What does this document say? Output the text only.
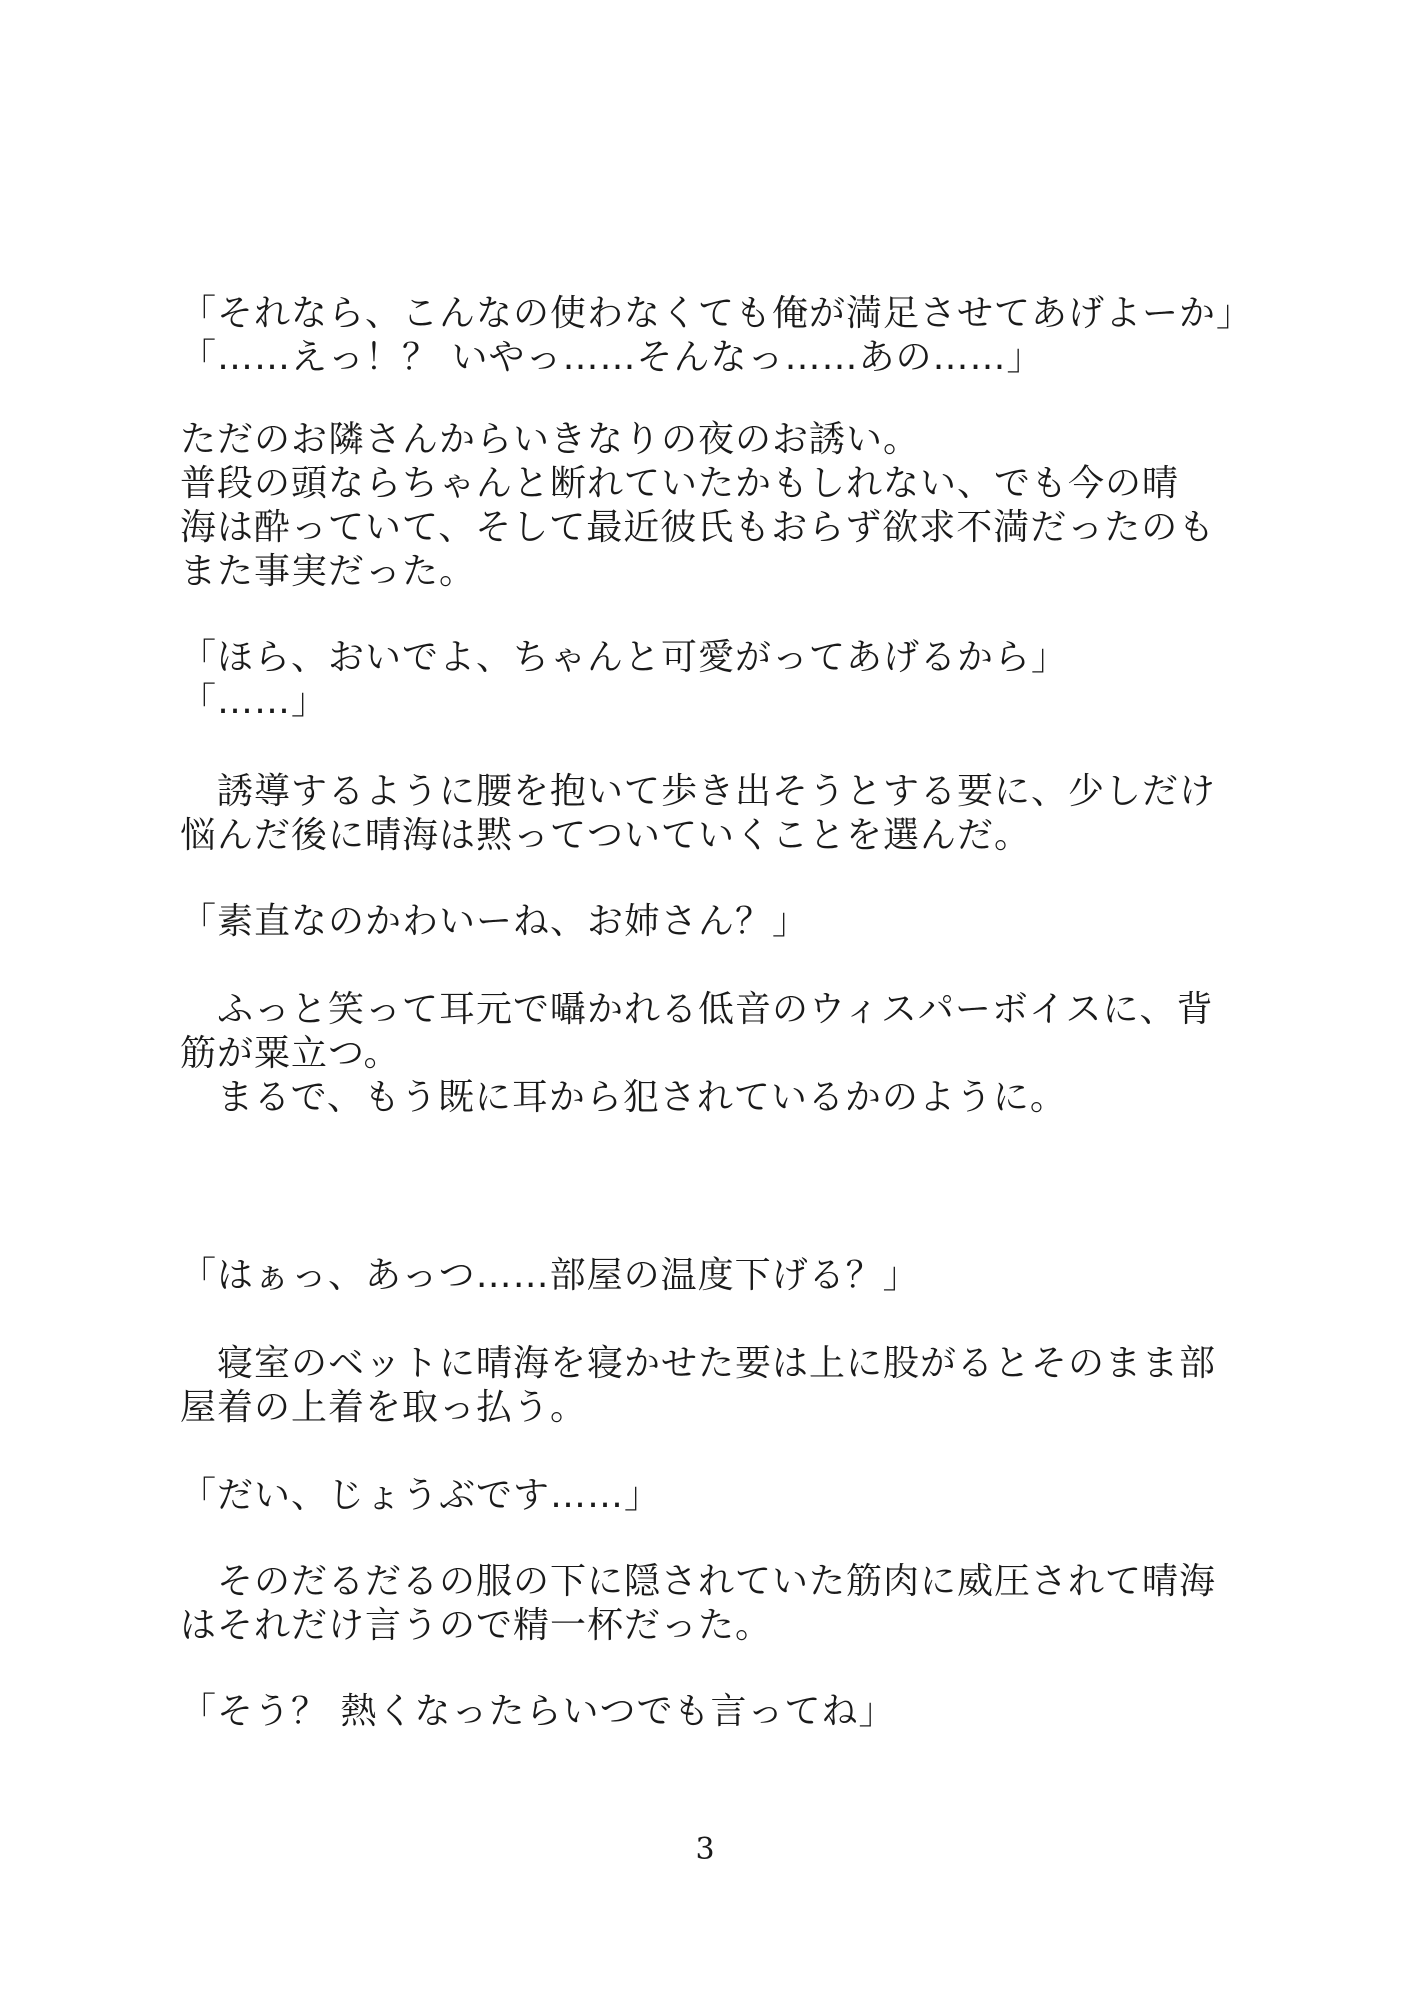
「それなら、こんなの使わなくても俺が満足させてあげよーか」
「……えっ！？ いやっ……そんなっ……あの……」
ただのお隣さんからいきなりの夜のお誘い。
普段の頭ならちゃんと断れていたかもしれない、でも今の晴
海は酔っていて、そして最近彼氏もおらず欲求不満だったのも
また事実だった。
「ほら、おいでよ、ちゃんと可愛がってあげるから」
「……」
　誘導するように腰を抱いて歩き出そうとする要に、少しだけ
悩んだ後に晴海は黙ってついていくことを選んだ。
「素直なのかわいーね、お姉さん？」
　ふっと笑って耳元で囁かれる低音のウィスパーボイスに、背
筋が粟立つ。
　まるで、もう既に耳から犯されているかのように。
「はぁっ、あっつ……部屋の温度下げる？」
　寝室のベットに晴海を寝かせた要は上に股がるとそのまま部
屋着の上着を取っ払う。
「だい、じょうぶです……」
　そのだるだるの服の下に隠されていた筋肉に威圧されて晴海
はそれだけ言うので精一杯だった。
「そう？ 熱くなったらいつでも言ってね」
3
